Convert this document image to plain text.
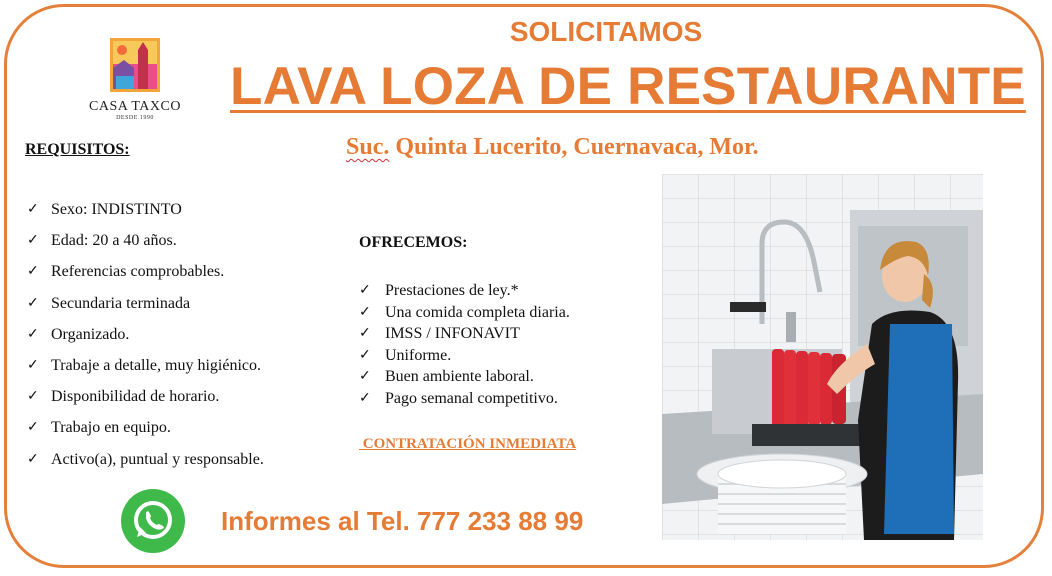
CASA TAXCO
DESDE 1990
SOLICITAMOS
LAVA LOZA DE RESTAURANTE
Suc. Quinta Lucerito, Cuernavaca, Mor.
REQUISITOS:
✓ Sexo: INDISTINTO
✓ Edad: 20 a 40 años.
✓ Referencias comprobables.
✓ Secundaria terminada
✓ Organizado.
✓ Trabaje a detalle, muy higiénico.
✓ Disponibilidad de horario.
✓ Trabajo en equipo.
✓ Activo(a), puntual y responsable.
OFRECEMOS:
✓ Prestaciones de ley.*
✓ Una comida completa diaria.
✓ IMSS / INFONAVIT
✓ Uniforme.
✓ Buen ambiente laboral.
✓ Pago semanal competitivo.
CONTRATACIÓN INMEDIATA
Informes al Tel. 777 233 88 99
